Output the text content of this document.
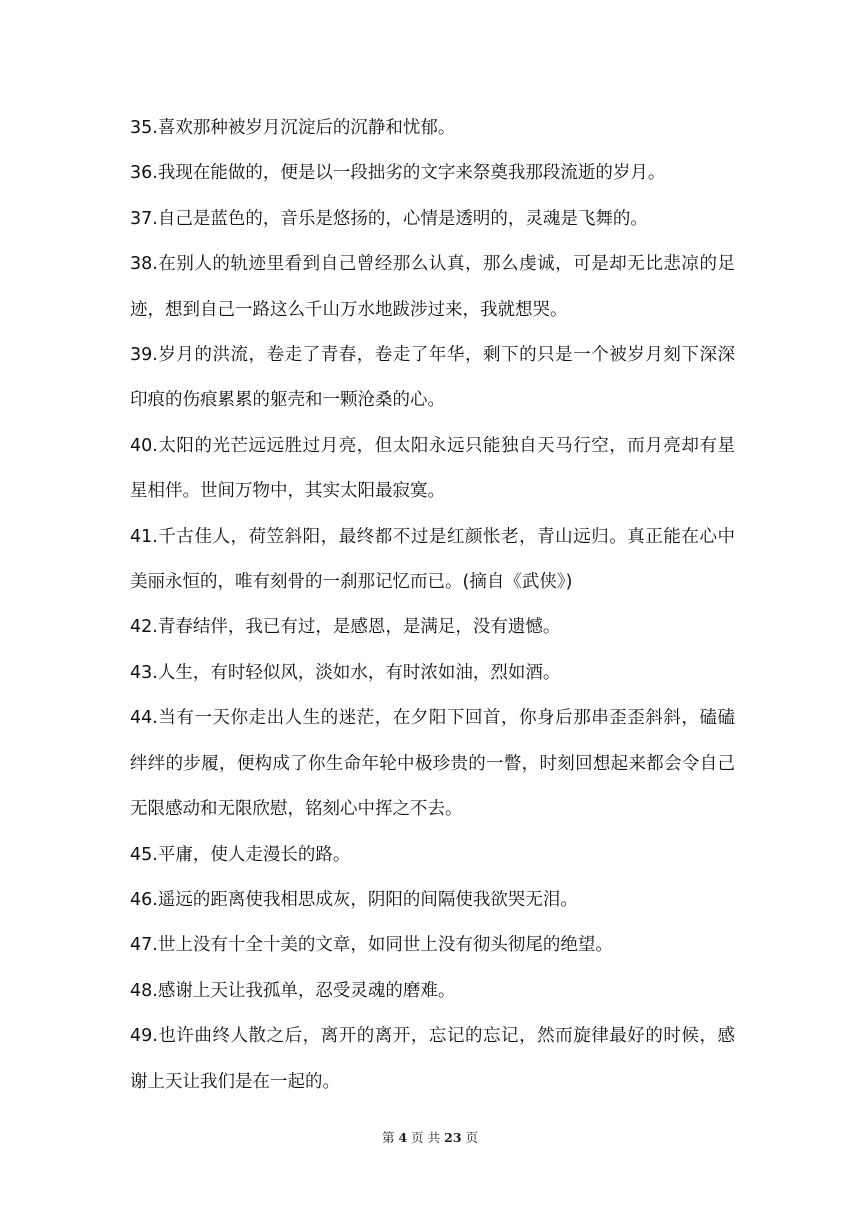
35.喜欢那种被岁月沉淀后的沉静和忧郁。

36.我现在能做的，便是以一段拙劣的文字来祭奠我那段流逝的岁月。

37.自己是蓝色的，音乐是悠扬的，心情是透明的，灵魂是飞舞的。

38.在别人的轨迹里看到自己曾经那么认真，那么虔诚，可是却无比悲凉的足迹，想到自己一路这么千山万水地跋涉过来，我就想哭。

39.岁月的洪流，卷走了青春，卷走了年华，剩下的只是一个被岁月刻下深深印痕的伤痕累累的躯壳和一颗沧桑的心。

40.太阳的光芒远远胜过月亮，但太阳永远只能独自天马行空，而月亮却有星星相伴。世间万物中，其实太阳最寂寞。

41.千古佳人，荷笠斜阳，最终都不过是红颜怅老，青山远归。真正能在心中美丽永恒的，唯有刻骨的一刹那记忆而已。(摘自《武侠》)

42.青春结伴，我已有过，是感恩，是满足，没有遗憾。

43.人生，有时轻似风，淡如水，有时浓如油，烈如酒。

44.当有一天你走出人生的迷茫，在夕阳下回首，你身后那串歪歪斜斜，磕磕绊绊的步履，便构成了你生命年轮中极珍贵的一瞥，时刻回想起来都会令自己无限感动和无限欣慰，铭刻心中挥之不去。

45.平庸，使人走漫长的路。

46.遥远的距离使我相思成灰，阴阳的间隔使我欲哭无泪。

47.世上没有十全十美的文章，如同世上没有彻头彻尾的绝望。

48.感谢上天让我孤单，忍受灵魂的磨难。

49.也许曲终人散之后，离开的离开，忘记的忘记，然而旋律最好的时候，感谢上天让我们是在一起的。

第 4 页 共 23 页
